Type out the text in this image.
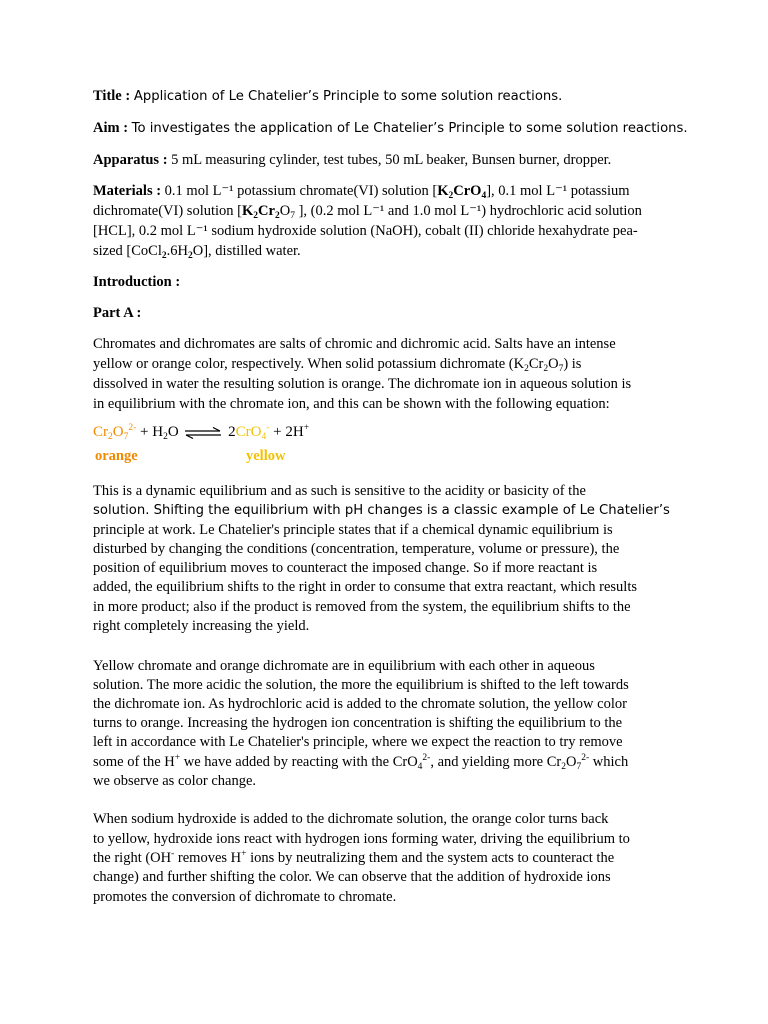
Title : Application of Le Chatelier’s Principle to some solution reactions.
Aim : To investigates the application of Le Chatelier’s Principle to some solution reactions.
Apparatus : 5 mL measuring cylinder, test tubes, 50 mL beaker, Bunsen burner, dropper.
Materials : 0.1 mol L⁻¹ potassium chromate(VI) solution $[K_2CrO_4]$, 0.1 mol L⁻¹ potassium
dichromate(VI) solution [$K_2Cr_2O_7$ ], (0.2 mol L⁻¹ and 1.0 mol L⁻¹) hydrochloric acid solution
[HCL], 0.2 mol L⁻¹ sodium hydroxide solution (NaOH), cobalt (II) chloride hexahydrate pea-
sized $[CoCl_2.6H_2O]$, distilled water.
Introduction :
Part A :
Chromates and dichromates are salts of chromic and dichromic acid. Salts have an intense
yellow or orange color, respectively. When solid potassium dichromate $(K_2Cr_2O_7)$ is
dissolved in water the resulting solution is orange. The dichromate ion in aqueous solution is
in equilibrium with the chromate ion, and this can be shown with the following equation:
$Cr_2O_7^{2-} + H_2O$ ⇌ 2CrO$_4$- + 2H+
orange	yellow
This is a dynamic equilibrium and as such is sensitive to the acidity or basicity of the
solution. Shifting the equilibrium with pH changes is a classic example of Le Chatelier’s
principle at work. Le Chatelier's principle states that if a chemical dynamic equilibrium is
disturbed by changing the conditions (concentration, temperature, volume or pressure), the
position of equilibrium moves to counteract the imposed change. So if more reactant is
added, the equilibrium shifts to the right in order to consume that extra reactant, which results
in more product; also if the product is removed from the system, the equilibrium shifts to the
right completely increasing the yield.
Yellow chromate and orange dichromate are in equilibrium with each other in aqueous
solution. The more acidic the solution, the more the equilibrium is shifted to the left towards
the dichromate ion. As hydrochloric acid is added to the chromate solution, the yellow color
turns to orange. Increasing the hydrogen ion concentration is shifting the equilibrium to the
left in accordance with Le Chatelier's principle, where we expect the reaction to try remove
some of the H+ we have added by reacting with the CrO$_4^{2-}$, and yielding more $Cr_2O_7^{2-}$ which
we observe as color change.
When sodium hydroxide is added to the dichromate solution, the orange color turns back
to yellow, hydroxide ions react with hydrogen ions forming water, driving the equilibrium to
the right (OH- removes H+ ions by neutralizing them and the system acts to counteract the
change) and further shifting the color. We can observe that the addition of hydroxide ions
promotes the conversion of dichromate to chromate.
